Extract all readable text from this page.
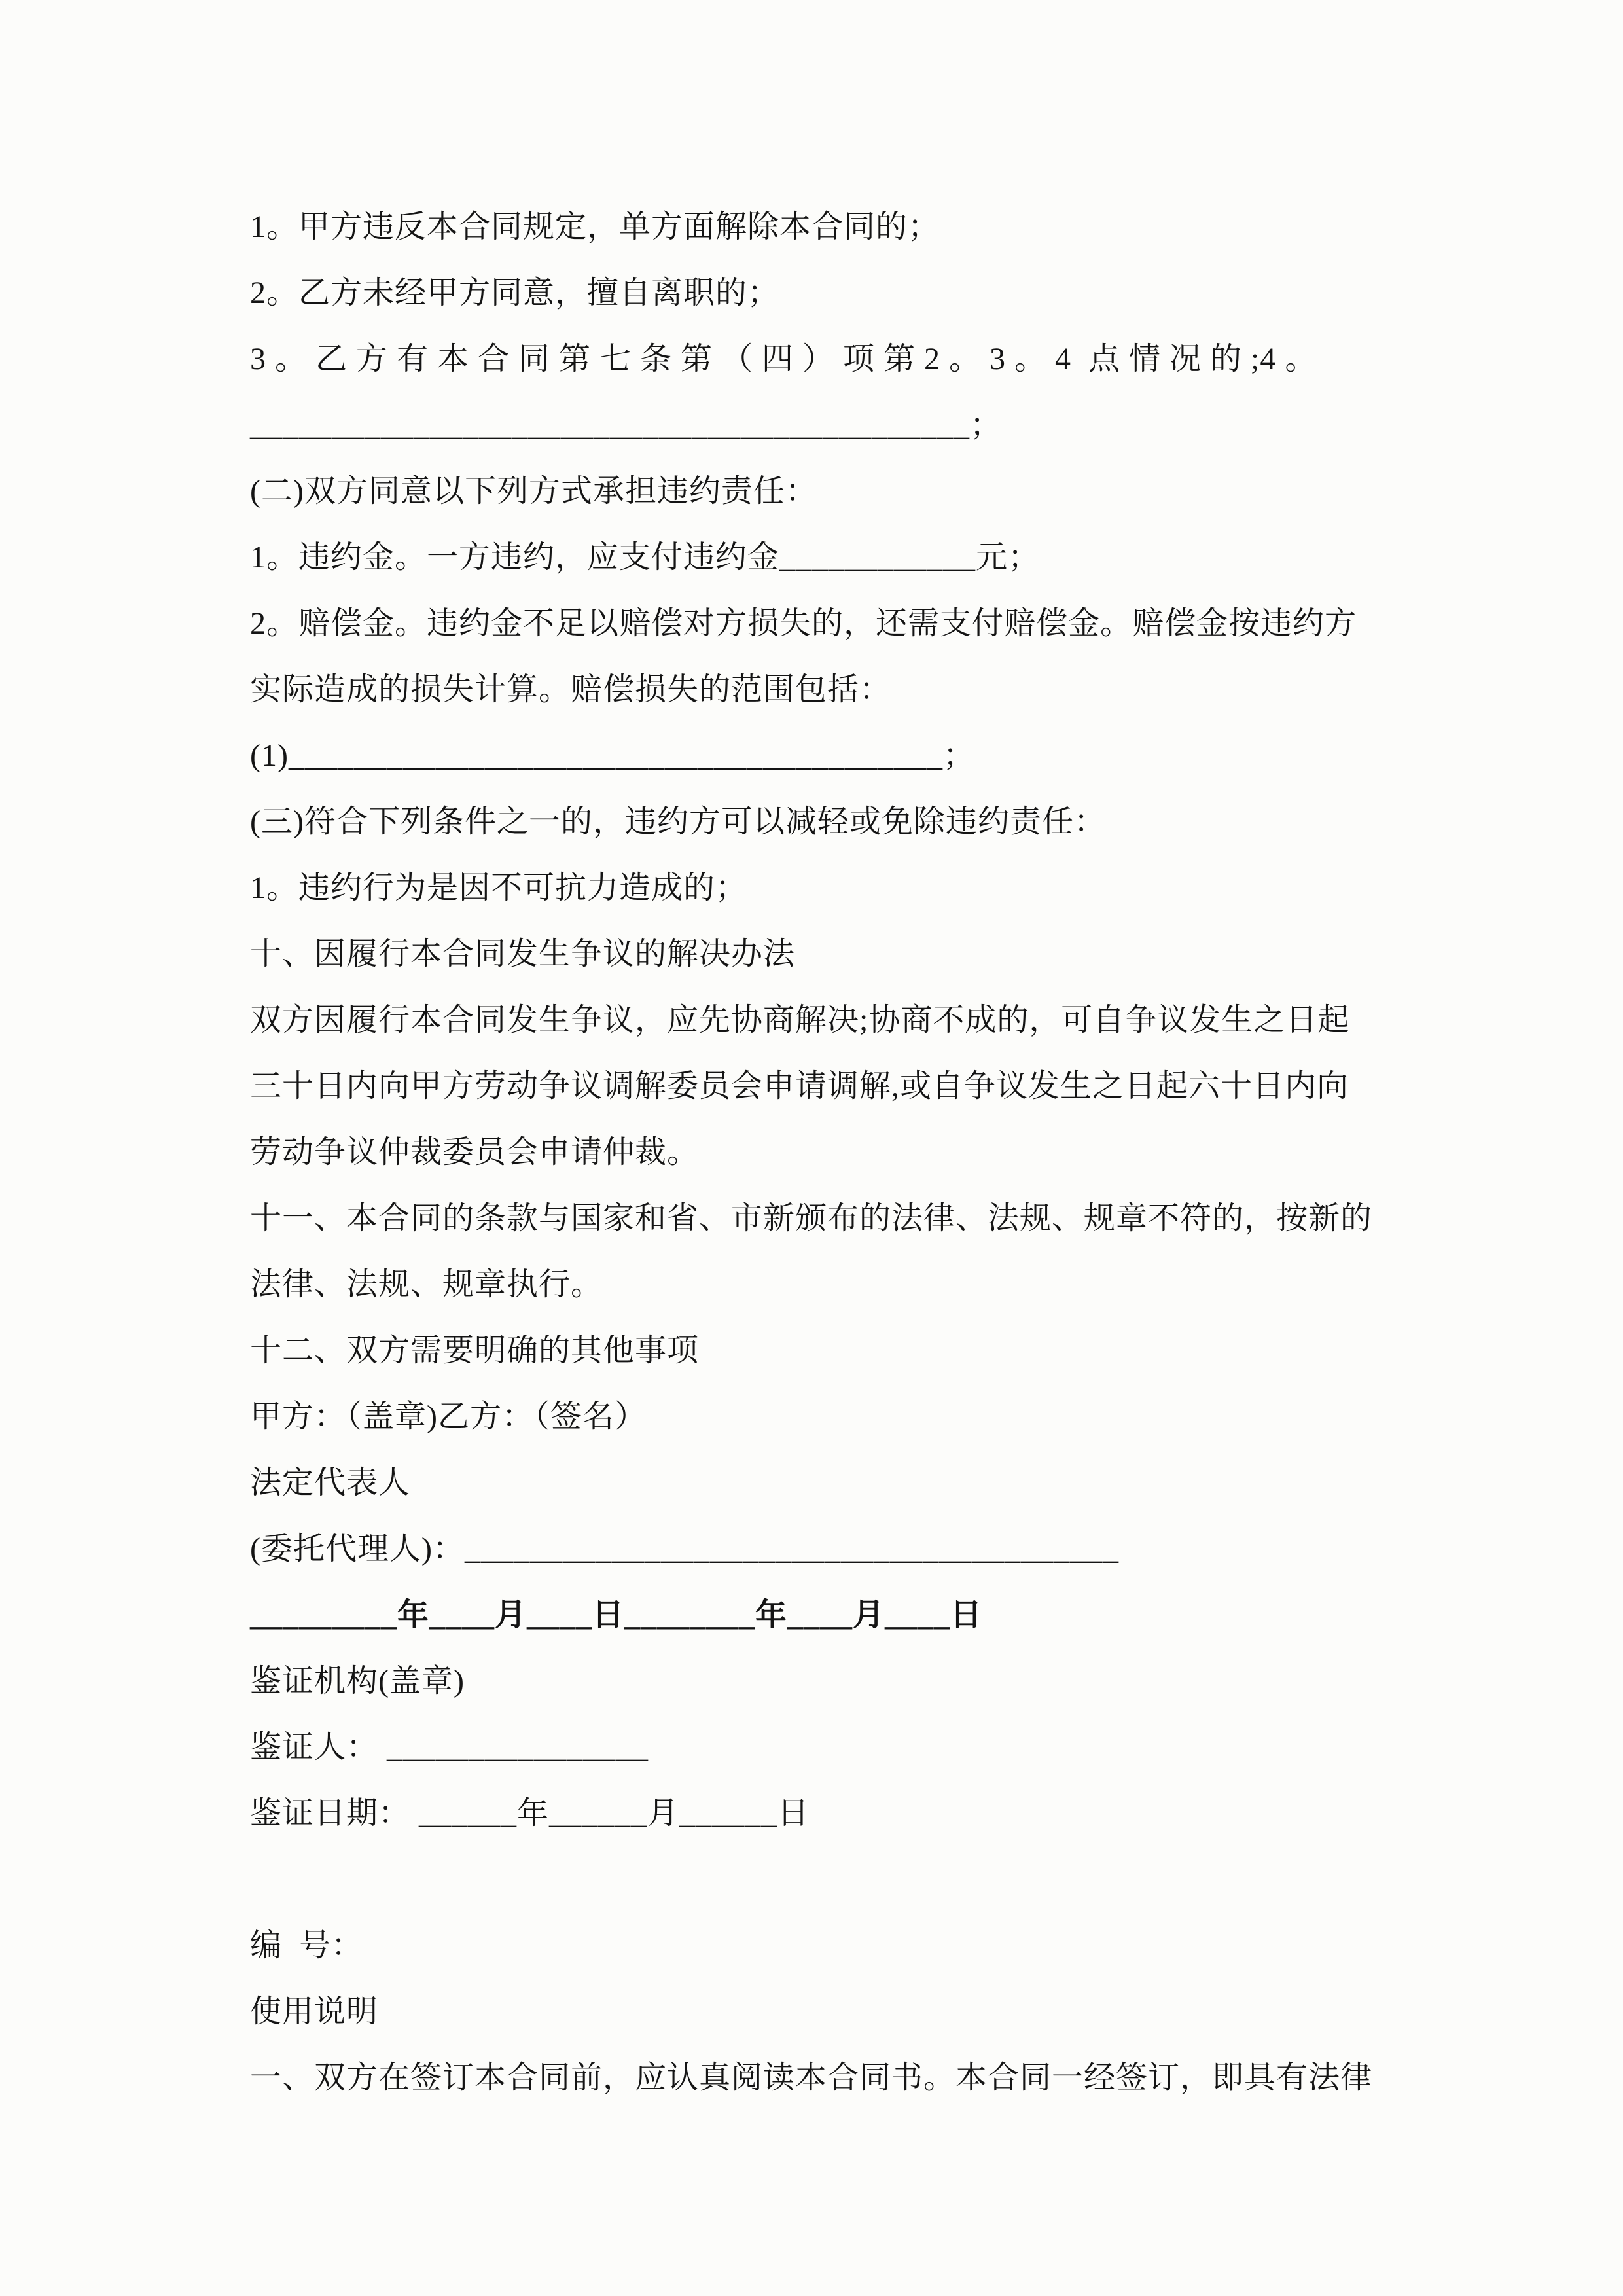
1。甲方违反本合同规定，单方面解除本合同的；
2。乙方未经甲方同意，擅自离职的；
3 。 乙 方 有 本 合 同 第 七 条 第 （ 四 ） 项 第 2 。 3 。 4  点 情 况 的 ;4 。
____________________________________________；
(二)双方同意以下列方式承担违约责任：
1。违约金。一方违约，应支付违约金____________元；
2。赔偿金。违约金不足以赔偿对方损失的，还需支付赔偿金。赔偿金按违约方
实际造成的损失计算。赔偿损失的范围包括：
(1)________________________________________；
(三)符合下列条件之一的，违约方可以减轻或免除违约责任：
1。违约行为是因不可抗力造成的；
十、因履行本合同发生争议的解决办法
双方因履行本合同发生争议，应先协商解决;协商不成的，可自争议发生之日起
三十日内向甲方劳动争议调解委员会申请调解,或自争议发生之日起六十日内向
劳动争议仲裁委员会申请仲裁。
十一、本合同的条款与国家和省、市新颁布的法律、法规、规章不符的，按新的
法律、法规、规章执行。
十二、双方需要明确的其他事项
甲方：（盖章)乙方：（签名）
法定代表人
(委托代理人)：________________________________________
_________年____月____日________年____月____日
鉴证机构(盖章)
鉴证人： ________________
鉴证日期： ______年______月______日
编  号：
使用说明
一、双方在签订本合同前，应认真阅读本合同书。本合同一经签订，即具有法律
